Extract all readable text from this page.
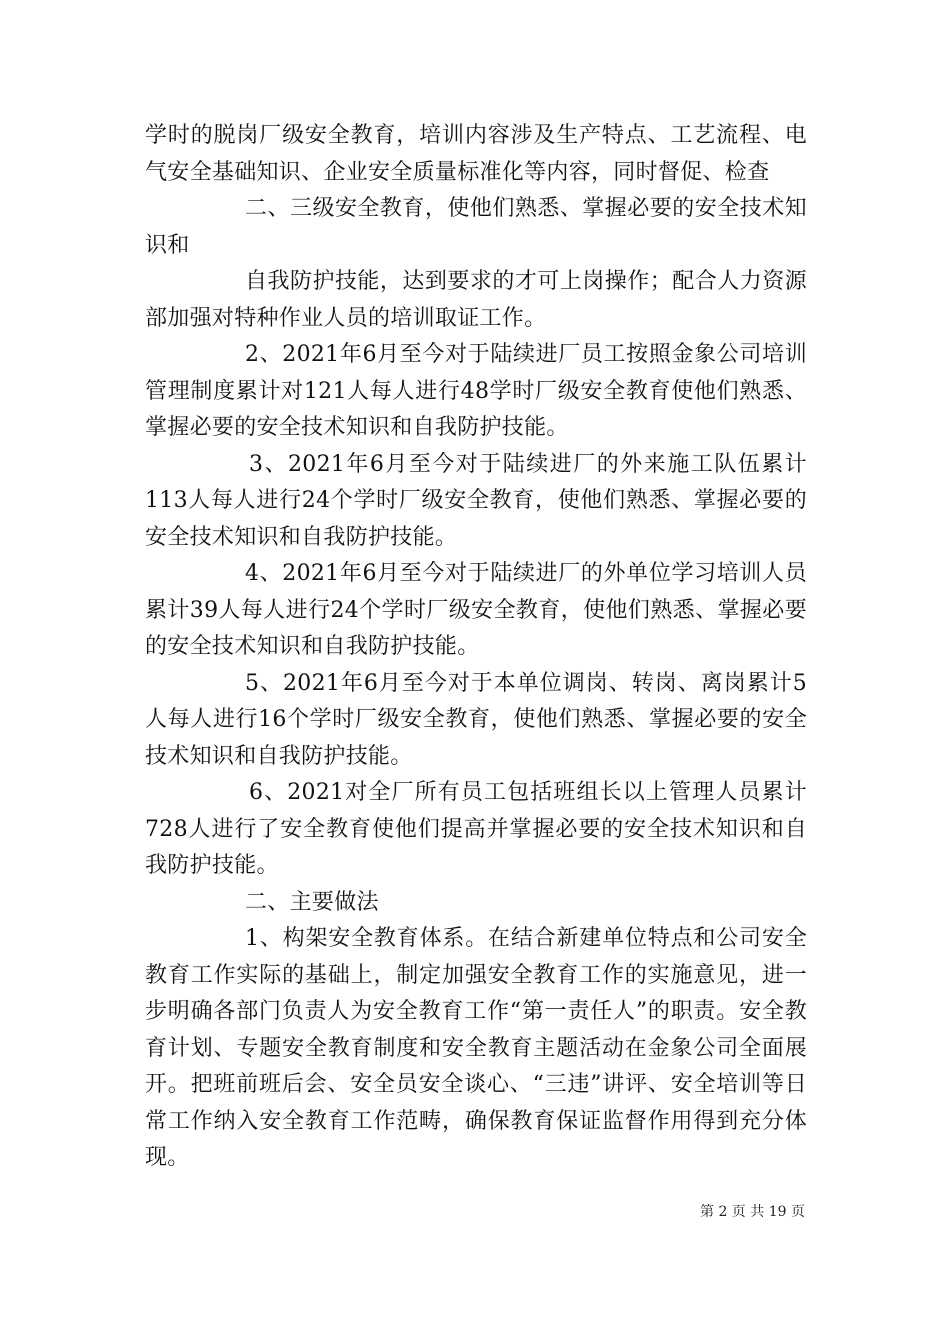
学时的脱岗厂级安全教育，培训内容涉及生产特点、工艺流程、电气安全基础知识、企业安全质量标准化等内容，同时督促、检查

二、三级安全教育，使他们熟悉、掌握必要的安全技术知识和

自我防护技能，达到要求的才可上岗操作；配合人力资源部加强对特种作业人员的培训取证工作。

2、2021年6月至今对于陆续进厂员工按照金象公司培训管理制度累计对121人每人进行48学时厂级安全教育使他们熟悉、掌握必要的安全技术知识和自我防护技能。

3、2021年6月至今对于陆续进厂的外来施工队伍累计113人每人进行24个学时厂级安全教育，使他们熟悉、掌握必要的安全技术知识和自我防护技能。

4、2021年6月至今对于陆续进厂的外单位学习培训人员累计39人每人进行24个学时厂级安全教育，使他们熟悉、掌握必要的安全技术知识和自我防护技能。

5、2021年6月至今对于本单位调岗、转岗、离岗累计5人每人进行16个学时厂级安全教育，使他们熟悉、掌握必要的安全技术知识和自我防护技能。

6、2021对全厂所有员工包括班组长以上管理人员累计728人进行了安全教育使他们提高并掌握必要的安全技术知识和自我防护技能。

二、主要做法

1、构架安全教育体系。在结合新建单位特点和公司安全教育工作实际的基础上，制定加强安全教育工作的实施意见，进一步明确各部门负责人为安全教育工作“第一责任人”的职责。安全教育计划、专题安全教育制度和安全教育主题活动在金象公司全面展开。把班前班后会、安全员安全谈心、“三违”讲评、安全培训等日常工作纳入安全教育工作范畴，确保教育保证监督作用得到充分体现。

第 2 页 共 19 页
